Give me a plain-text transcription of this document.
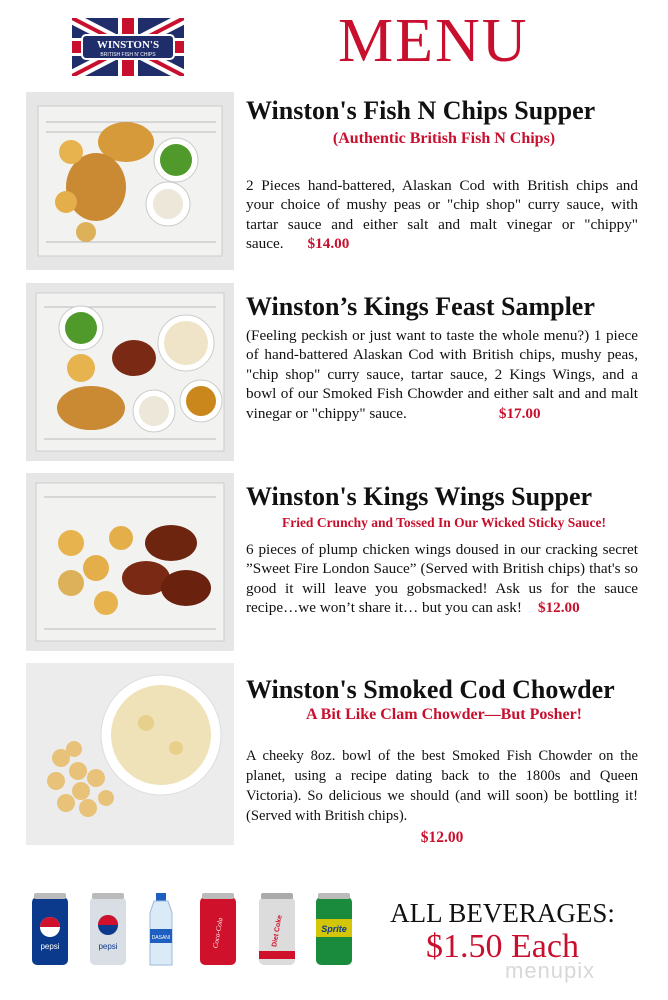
WINSTON'S
BRITISH FISH N' CHIPS	MENU
Winston's Fish N Chips Supper
(Authentic British Fish N Chips)
2 Pieces hand-battered, Alaskan Cod with British chips and your choice of mushy peas or "chip shop" curry sauce, with tartar sauce and either salt and malt vinegar or "chippy" sauce. $14.00
Winston’s Kings Feast Sampler
(Feeling peckish or just want to taste the whole menu?) 1 piece of hand-battered Alaskan Cod with British chips, mushy peas, "chip shop" curry sauce, tartar sauce, 2 Kings Wings, and a bowl of our Smoked Fish Chowder and either salt and and malt vinegar or "chippy" sauce.	$17.00
Winston's Kings Wings Supper
Fried Crunchy and Tossed In Our Wicked Sticky Sauce!
6 pieces of plump chicken wings doused in our cracking secret ”Sweet Fire London Sauce” (Served with British chips) that's so good it will leave you gobsmacked! Ask us for the sauce recipe…we won’t share it… but you can ask! $12.00
Winston's Smoked Cod Chowder
A Bit Like Clam Chowder—But Posher!
A cheeky 8oz. bowl of the best Smoked Fish Chowder on the planet, using a recipe dating back to the 1800s and Queen Victoria). So delicious we should (and will soon) be bottling it! (Served with British chips).
$12.00
pepsi	pepsi
DASANI	Coca-Cola	Diet Coke	Sprite
ALL BEVERAGES:
$1.50 Each
menupix
